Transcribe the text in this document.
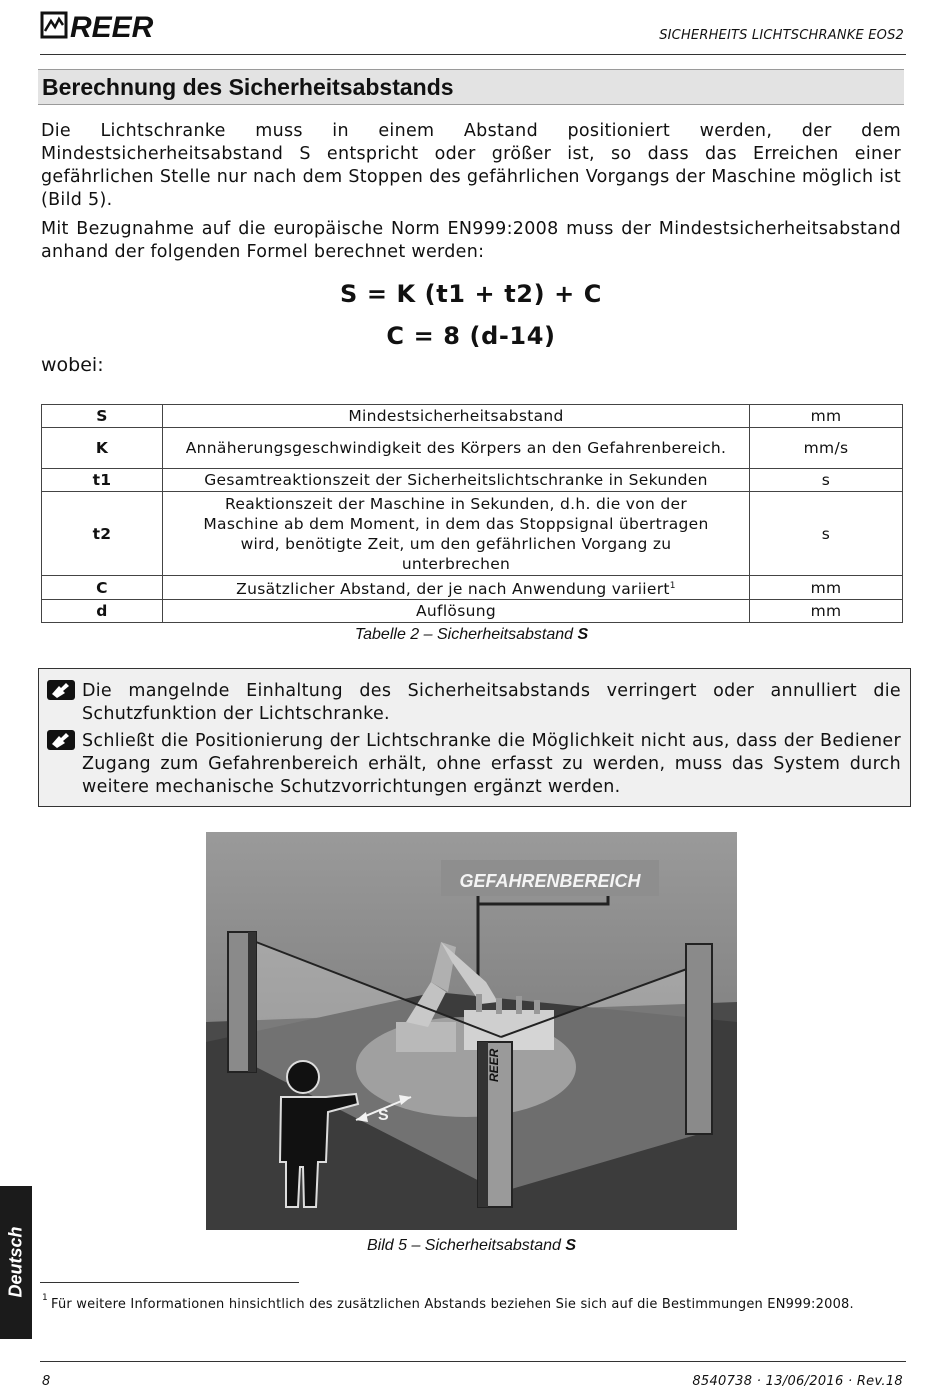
REER	SICHERHEITS LICHTSCHRANKE EOS2
Berechnung des Sicherheitsabstands
Die Lichtschranke muss in einem Abstand positioniert werden, der dem Mindestsicherheitsabstand S entspricht oder größer ist, so dass das Erreichen einer gefährlichen Stelle nur nach dem Stoppen des gefährlichen Vorgangs der Maschine möglich ist (Bild 5).
Mit Bezugnahme auf die europäische Norm EN999:2008 muss der Mindestsicherheitsabstand anhand der folgenden Formel berechnet werden:
S = K (t1 + t2) + C
C = 8 (d-14)
wobei:
S	Mindestsicherheitsabstand	mm
K	Annäherungsgeschwindigkeit des Körpers an den Gefahrenbereich.	mm/s
t1	Gesamtreaktionszeit der Sicherheitslichtschranke in Sekunden	s
t2	Reaktionszeit der Maschine in Sekunden, d.h. die von der Maschine ab dem Moment, in dem das Stoppsignal übertragen wird, benötigte Zeit, um den gefährlichen Vorgang zu unterbrechen	s
C	Zusätzlicher Abstand, der je nach Anwendung variiert$^1$	mm
d	Auflösung	mm
Tabelle 2 – Sicherheitsabstand S
Die mangelnde Einhaltung des Sicherheitsabstands verringert oder annulliert die Schutzfunktion der Lichtschranke.
Schließt die Positionierung der Lichtschranke die Möglichkeit nicht aus, dass der Bediener Zugang zum Gefahrenbereich erhält, ohne erfasst zu werden, muss das System durch weitere mechanische Schutzvorrichtungen ergänzt werden.
GEFAHRENBEREICH
REER
S
Bild 5 – Sicherheitsabstand S
Deutsch
1 Für weitere Informationen hinsichtlich des zusätzlichen Abstands beziehen Sie sich auf die Bestimmungen EN999:2008.
8	8540738 · 13/06/2016 · Rev.18
